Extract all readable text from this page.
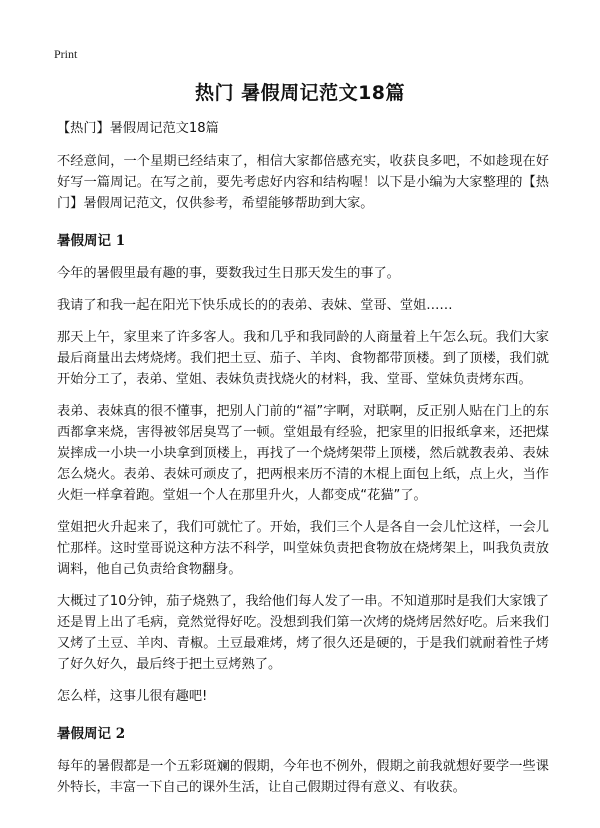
Print
热门 暑假周记范文18篇

【热门】暑假周记范文18篇

不经意间，一个星期已经结束了，相信大家都倍感充实，收获良多吧，不如趁现在好好写一篇周记。在写之前，要先考虑好内容和结构喔！以下是小编为大家整理的【热门】暑假周记范文，仅供参考，希望能够帮助到大家。

暑假周记 1

今年的暑假里最有趣的事，要数我过生日那天发生的事了。

我请了和我一起在阳光下快乐成长的的表弟、表妹、堂哥、堂姐……

那天上午，家里来了许多客人。我和几乎和我同龄的人商量着上午怎么玩。我们大家最后商量出去烤烧烤。我们把土豆、茄子、羊肉、食物都带顶楼。到了顶楼，我们就开始分工了，表弟、堂姐、表妹负责找烧火的材料，我、堂哥、堂妹负责烤东西。

表弟、表妹真的很不懂事，把别人门前的“福”字啊，对联啊，反正别人贴在门上的东西都拿来烧，害得被邻居臭骂了一顿。堂姐最有经验，把家里的旧报纸拿来，还把煤炭摔成一小块一小块拿到顶楼上，再找了一个烧烤架带上顶楼，然后就教表弟、表妹怎么烧火。表弟、表妹可顽皮了，把两根来历不清的木棍上面包上纸，点上火，当作火炬一样拿着跑。堂姐一个人在那里升火，人都变成“花猫”了。

堂姐把火升起来了，我们可就忙了。开始，我们三个人是各自一会儿忙这样，一会儿忙那样。这时堂哥说这种方法不科学，叫堂妹负责把食物放在烧烤架上，叫我负责放调料，他自己负责给食物翻身。

大概过了10分钟，茄子烧熟了，我给他们每人发了一串。不知道那时是我们大家饿了还是胃上出了毛病，竟然觉得好吃。没想到我们第一次烤的烧烤居然好吃。后来我们又烤了土豆、羊肉、青椒。土豆最难烤，烤了很久还是硬的，于是我们就耐着性子烤了好久好久，最后终于把土豆烤熟了。

怎么样，这事儿很有趣吧!

暑假周记 2

每年的暑假都是一个五彩斑斓的假期，今年也不例外，假期之前我就想好要学一些课外特长，丰富一下自己的课外生活，让自己假期过得有意义、有收获。
